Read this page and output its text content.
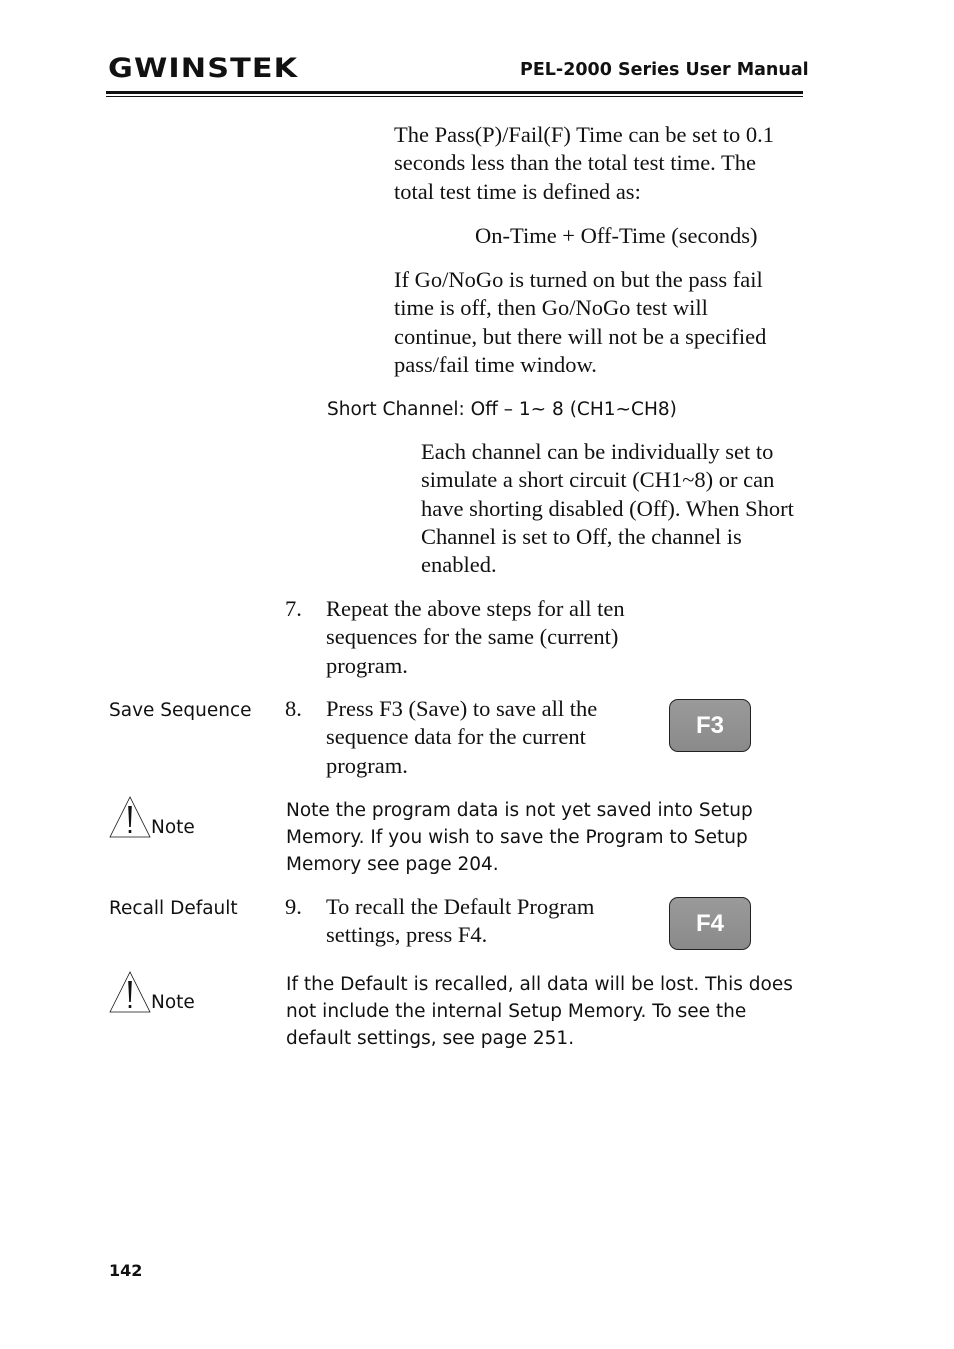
GWINSTEK	PEL-2000 Series User Manual
The Pass(P)/Fail(F) Time can be set to 0.1 seconds less than the total test time. The total test time is defined as:
On-Time + Off-Time (seconds)
If Go/NoGo is turned on but the pass fail time is off, then Go/NoGo test will continue, but there will not be a specified pass/fail time window.
Short Channel: Off – 1~ 8 (CH1~CH8)
Each channel can be individually set to simulate a short circuit (CH1~8) or can have shorting disabled (Off). When Short Channel is set to Off, the channel is enabled.
7. Repeat the above steps for all ten sequences for the same (current) program.
Save Sequence 8. Press F3 (Save) to save all the sequence data for the current program.
F3
Note
Note the program data is not yet saved into Setup Memory. If you wish to save the Program to Setup Memory see page 204.
Recall Default 9. To recall the Default Program settings, press F4.	F4
Note
If the Default is recalled, all data will be lost. This does not include the internal Setup Memory. To see the default settings, see page 251.
142
